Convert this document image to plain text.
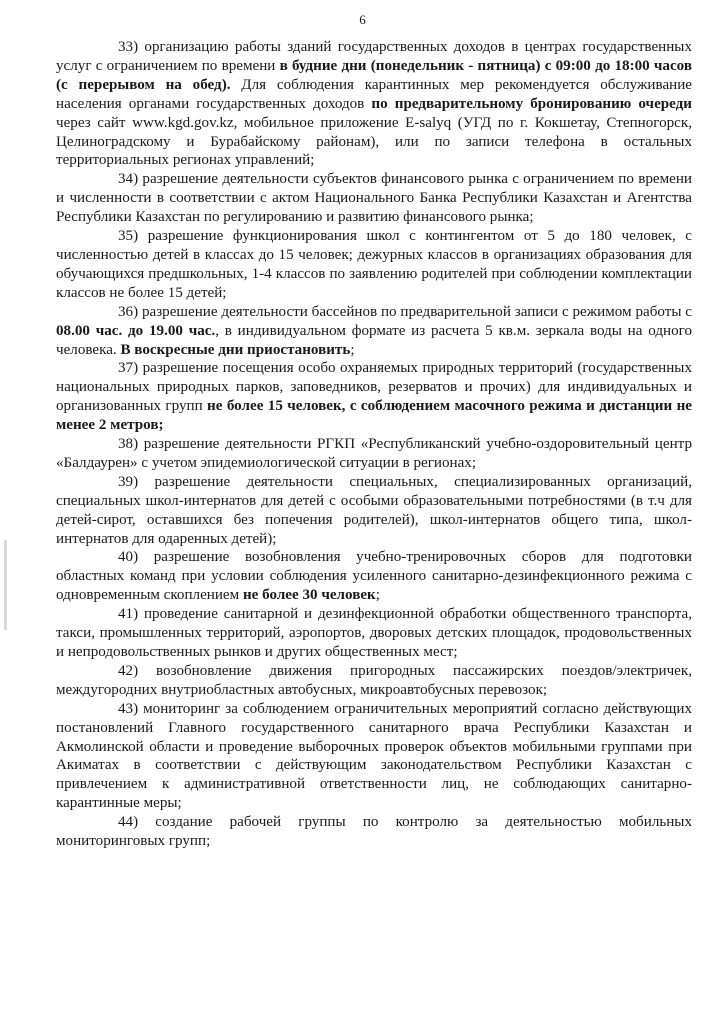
6

33) организацию работы зданий государственных доходов в центрах государственных услуг с ограничением по времени в будние дни (понедельник - пятница) с 09:00 до 18:00 часов (с перерывом на обед). Для соблюдения карантинных мер рекомендуется обслуживание населения органами государственных доходов по предварительному бронированию очереди через сайт www.kgd.gov.kz, мобильное приложение E-salyq (УГД по г. Кокшетау, Степногорск, Целиноградскому и Бурабайскому районам), или по записи телефона в остальных территориальных регионах управлений;

34) разрешение деятельности субъектов финансового рынка с ограничением по времени и численности в соответствии с актом Национального Банка Республики Казахстан и Агентства Республики Казахстан по регулированию и развитию финансового рынка;

35) разрешение функционирования школ с контингентом от 5 до 180 человек, с численностью детей в классах до 15 человек; дежурных классов в организациях образования для обучающихся предшкольных, 1-4 классов по заявлению родителей при соблюдении комплектации классов не более 15 детей;

36) разрешение деятельности бассейнов по предварительной записи с режимом работы с 08.00 час. до 19.00 час., в индивидуальном формате из расчета 5 кв.м. зеркала воды на одного человека. В воскресные дни приостановить;

37) разрешение посещения особо охраняемых природных территорий (государственных национальных природных парков, заповедников, резерватов и прочих) для индивидуальных и организованных групп не более 15 человек, с соблюдением масочного режима и дистанции не менее 2 метров;

38) разрешение деятельности РГКП «Республиканский учебно-оздоровительный центр «Балдаурен» с учетом эпидемиологической ситуации в регионах;

39) разрешение деятельности специальных, специализированных организаций, специальных школ-интернатов для детей с особыми образовательными потребностями (в т.ч для детей-сирот, оставшихся без попечения родителей), школ-интернатов общего типа, школ-интернатов для одаренных детей);

40) разрешение возобновления учебно-тренировочных сборов для подготовки областных команд при условии соблюдения усиленного санитарно-дезинфекционного режима с одновременным скоплением не более 30 человек;

41) проведение санитарной и дезинфекционной обработки общественного транспорта, такси, промышленных территорий, аэропортов, дворовых детских площадок, продовольственных и непродовольственных рынков и других общественных мест;

42) возобновление движения пригородных пассажирских поездов/электричек, междугородних внутриобластных автобусных, микроавтобусных перевозок;

43) мониторинг за соблюдением ограничительных мероприятий согласно действующих постановлений Главного государственного санитарного врача Республики Казахстан и Акмолинской области и проведение выборочных проверок объектов мобильными группами при Акиматах в соответствии с действующим законодательством Республики Казахстан с привлечением к административной ответственности лиц, не соблюдающих санитарно-карантинные меры;

44) создание рабочей группы по контролю за деятельностью мобильных мониторинговых групп;
